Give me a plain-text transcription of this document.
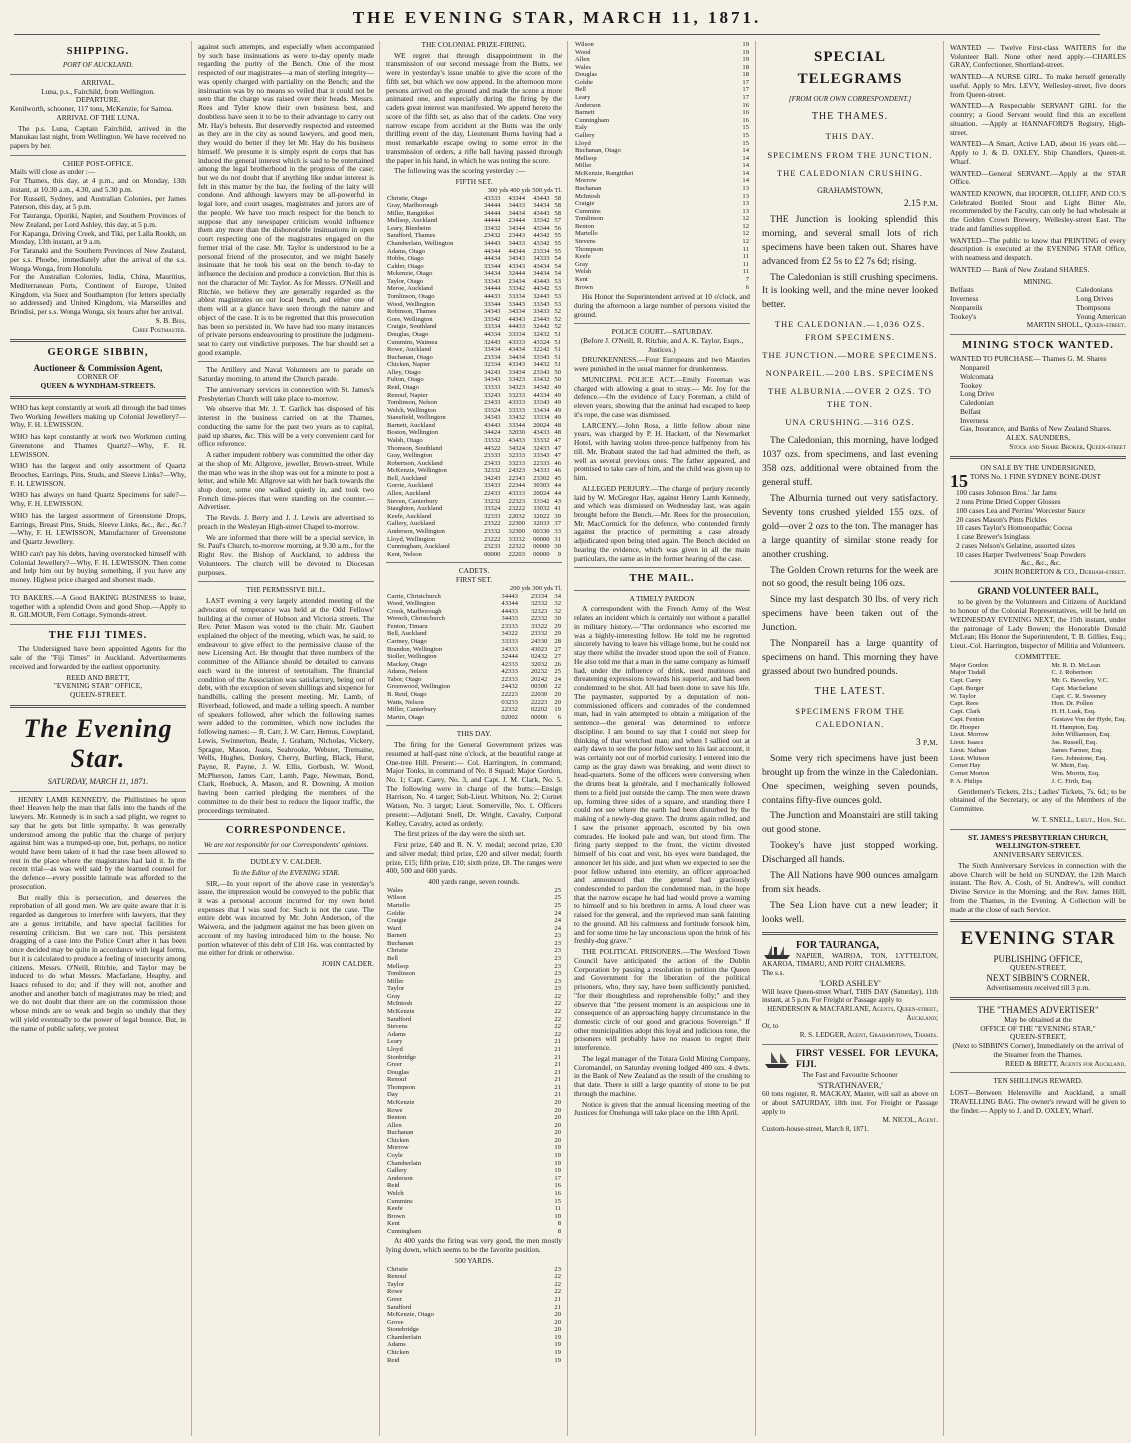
THE EVENING STAR, MARCH 11, 1871.
SHIPPING.
PORT OF AUCKLAND.
ARRIVAL.
Luna, p.s., Fairchild, from Wellington.
DEPARTURE.
Kenilworth, schooner, 117 tons, McKenzie, for Samoa.
ARRIVAL OF THE LUNA.

The p.s. Luna, Captain Fairchild, arrived in the Manukau last night, from Wellington. We have received no papers by her.

CHIEF POST-OFFICE.
Mails will close as under :—
For Thames, this day, at 4 p.m., and on Monday, 13th instant, at 10.30 a.m., 4.30, and 5.30 p.m.
For Russell, Sydney, and Australian Colonies, per James Paterson, this day, at 5 p.m.
For Tauranga, Opotiki, Napier, and Southern Provinces of New Zealand, per Lord Ashley, this day, at 5 p.m.
For Kapanga, Driving Creek, and Tiki, per Lalla Rookh, on Monday, 13th instant, at 9 a.m.
For Taranaki and the Southern Provinces of New Zealand, per s.s. Phoebe, immediately after the arrival of the s.s. Wonga Wonga, from Honolulu.
For the Australian Colonies, India, China, Mauritius, Mediterranean Ports, Continent of Europe, United Kingdom, via Suez and Southampton (for letters specially so addressed) and United Kingdom, via Marseilles and Brindisi, per s.s. Wonga Wonga, six hours after her arrival.
S. B. Biss,
Chief Postmaster.
GEORGE SIBBIN,
Auctioneer & Commission Agent,
CORNER OF
QUEEN & WYNDHAM-STREETS.
WHO has kept constantly at work all through the bad times Two Working Jewellers making up Colonial Jewellery?—Why, F. H. LEWISSON.
WHO has kept constantly at work two Workmen cutting Greenstone and Thames Quartz?—Why, F. H. LEWISSON.
WHO has the largest and only assortment of Quartz Brooches, Earrings, Pins, Studs, and Sleeve Links?—Why, F. H. LEWISSON.
WHO has always on hand Quartz Specimens for sale?—Why, F. H. LEWISSON.
WHO has the largest assortment of Greenstone Drops, Earrings, Breast Pins, Studs, Sleeve Links, &c., &c., &c.?—Why, F. H. LEWISSON, Manufacturer of Greenstone and Quartz Jewellery.
WHO can't pay his debts, having overstocked himself with Colonial Jewellery?—Why, F. H. LEWISSON. Then come and help him out by buying something, if you have any money. Highest price charged and shortest made.
TO BAKERS.—A Good BAKING BUSINESS to lease, together with a splendid Oven and good Shop.—Apply to R. GILMOUR, Fern Cottage, Symonds-street.
THE FIJI TIMES.

The Undersigned have been appointed Agents for the sale of the "Fiji Times" in Auckland. Advertisements received and forwarded by the earliest opportunity.

REED AND BRETT,
"EVENING STAR" OFFICE,
QUEEN-STREET.
The Evening Star.
SATURDAY, MARCH 11, 1871.

HENRY LAMB KENNEDY, the Phillistines be upon thee! Heaven help the man that falls into the hands of the lawyers. Mr. Kennedy is in such a sad plight, we regret to say that he gets but little sympathy. It was generally understood among the public that the charge of perjury against him was a trumped-up one, but, perhaps, no notice would have been taken of it had the case been allowed to rest in the place where the magistrates had laid it. In the recent trial—as was well said by the learned counsel for the defence—every possible latitude was afforded to the prosecution.

But really this is persecution, and deserves the reprobation of all good men. We are quite aware that it is regarded as dangerous to interfere with lawyers, that they are a genus irritabile, and have special facilities for resenting criticism. But we care not. This persistent dragging of a case into the Police Court after it has been once decided may be quite in accordance with legal forms, but it is calculated to produce a feeling of insecurity among citizens. Messrs. O'Neill, Ritchie, and Taylor may be induced to do what Messrs. Macfarlane, Heaphy, and Isaacs refused to do; and if they will not, another and another and another batch of magistrates may be tried; and we do not doubt that there are on the commission those whose minds are so weak and begin so unduly that they will yield eventually to the power of legal bounce. But, in the name of public safety, we protest

against such attempts, and especially when accompanied by such base insinuations as were to-day openly made regarding the purity of the Bench. One of the most respected of our magistrates—a man of sterling integrity—was openly charged with partiality on the Bench; and the insinuation was by no means so veiled that it could not be seen that the charge was raised over their heads. Messrs. Rees and Tyler know their own business best, and doubtless have seen it to be to their advantage to carry out Mr. Hay's behests. But deservedly respected and esteemed as they are in the city as sound lawyers, and good men, they would do better if they let Mr. Hay do his business himself. We presume it is simply esprit de corps that has induced the general interest which is said to be entertained among the legal brotherhood in the progress of the case; but we do not doubt that if anything like undue interest is felt in this matter by the bar, the feeling of the laity will condone. And although lawyers may be all-powerful in legal lore, and court usages, magistrates and jurors are of the people. We have too much respect for the bench to suppose that any newspaper criticism would influence them any more than the dishonorable insinuations in open court respecting one of the magistrates engaged on the former trial of the case. Mr. Taylor is understood to be a personal friend of the prosecutor, and we might basely insinuate that he took his seat on the bench to-day to influence the decision and produce a conviction. But this is not the character of Mr. Taylor. As for Messrs. O'Neill and Ritchie, we believe they are generally regarded as the ablest magistrates on our local bench, and either one of them will at a glance have seen through the nature and object of the case. It is to be regretted that this prosecution has been so persisted in. We have had too many instances of private persons endeavouring to prostitute the judgment-seat to carry out vindictive purposes. The bar should set a good example.

The Artillery and Naval Volunteers are to parade on Saturday morning, to attend the Church parade.

The anniversary services in connection with St. James's Presbyterian Church will take place to-morrow.

We observe that Mr. J. T. Garlick has disposed of his interest in the business carried on at the Thames, conducting the same for the past two years as to capital, paid up shares, &c. This will be a very convenient card for office reference.

A rather impudent robbery was committed the other day at the shop of Mr. Allgrove, jeweller, Brown-street. While the man who was in the shop was out for a minute to post a letter, and while Mr. Allgrove sat with her back towards the shop door, some one walked quietly in, and took two French time-pieces that were standing on the counter.—Advertiser.

The Revds. J. Berry and J. J. Lewis are advertised to preach in the Wesleyan High-street Chapel to-morrow.

We are informed that there will be a special service, in St. Paul's Church, to-morrow morning, at 9.30 a.m., for the Right Rev. the Bishop of Auckland, to address the Volunteers. The church will be devoted to Diocesan purposes.

THE PERMISSIVE BILL.

LAST evening a very largely attended meeting of the advocates of temperance was held at the Odd Fellows' building at the corner of Hobson and Victoria streets. The Rev. Peter Mason was voted to the chair. Mr. Gaubert explained the object of the meeting, which was, he said, to endeavour to give effect to the permissive clause of the new Licensing Act. He thought that three numbers of the committee of the Alliance should be detailed to canvass each ward in the interest of teetotalism. The financial condition of the Association was satisfactory, being out of debt, with the exception of seven shillings and sixpence for handbills, calling the present meeting. Mr. Lamb, of Riverhead, followed, and made a telling speech. A number of speakers followed, after which the following names were added to the committee, which now includes the following names:— R. Carr, J. W. Carr, Hemus, Cowpland, Lewis, Swinnerton, Beale, J. Graham, Nicholas, Vickery, Sprague, Mason, Jeans, Seabrooke, Webster, Tremaine, Wells, Hughes, Donkey, Cherry, Burling, Black, Hurst, Payne, R. Payne, J. W. Ellis, Gorbush, W. Wood, McPherson, James Carr, Lamb, Page, Newman, Bond, Clark, Roebuck, A. Mason, and R. Downing. A motion having been carried pledging the members of the committee to do their best to reduce the liquor traffic, the proceedings terminated.

CORRESPONDENCE.
We are not responsible for our Correspondents' opinions.
DUDLEY V. CALDER.
To the Editor of the EVENING STAR.

SIR,—In your report of the above case in yesterday's issue, the impression would be conveyed to the public that it was a personal account incurred for my own hotel expenses that I was sued for. Such is not the case. The entire debt was incurred by Mr. John Anderson, of the Waiwera, and the judgment against me has been given on account of my having introduced him to the house. No portion whatever of this debt of £18 16s. was contracted by me either for drink or otherwise.

JOHN CALDER.
THE COLONIAL PRIZE-FIRING.

WE regret that through disappointment in the transmission of our second message from the Butts, we were in yesterday's issue unable to give the score of the fifth set, but which we now append. In the afternoon more persons arrived on the ground and made the scene a more animated one, and especially during the firing by the cadets great interest was manifested. We append hereto the score of the fifth set, as also that of the cadets. One very narrow escape from accident at the Butts was the only thrilling event of the day, Lieutenant Burns having had a most remarkable escape owing to some error in the transmission of orders, a rifle ball having passed through the paper in his hand, in which he was noting the score.

The following was the scoring yesterday :—

FIFTH SET.
300 yds 400 yds 500 yds Tl.
Christie, Otago	43333	43344	43443	58
Gray, Marlborough	34444	34433	34434	58
Miller, Rangitikei	34444	34434	43443	58
Mellsop, Auckland	44444	23444	33342	57
Leary, Blenheim	33432	34344	43344	56
Sandford, Thames	23432	23443	44342	55
Chamberlain, Wellington	34443	34433	43342	55
Adams, Otago	44344	44344	23334	55
Hobbs, Otago	44434	34343	34333	54
Calder, Otago	33344	43343	43434	54
Mckenzie, Otago	34434	32444	34434	54
Taylor, Otago	33343	23434	43443	53
Meroe, Auckland	34444	33342	44342	53
Tomlinson, Otago	44433	33334	32443	53
Wood, Wellington	33344	33443	33343	53
Robinson, Thames	34343	34334	33433	52
Gore, Wellington	33342	44343	23443	52
Craigie, Southland	33334	44433	32442	52
Douglas, Otago	44334	33334	32432	51
Cummins, Waimea	32443	43333	43324	51
Rowe, Auckland	33434	43434	32242	51
Buchanan, Otago	23334	34434	33343	51
Chicken, Napier	32334	43343	34432	51
Alley, Otago	34243	33434	23343	50
Fulton, Otago	34343	33423	33432	50
Reid, Otago	33333	34323	34342	49
Renouf, Napier	33243	33233	44334	49
Tomlinson, Nelson	23433	43333	33343	49
Welch, Wellington	33324	33333	33434	49
Stansfield, Wellington	34343	33432	33334	49
Barnett, Auckland	43443	33344	20024	48
Boston, Wellington	34424	32030	43433	48
Walsh, Otago	33332	43433	33332	47
Thomson, Southland	44322	34324	32433	47
Gray, Wellington	23333	32333	33343	47
Robertson, Auckland	23433	33233	22333	46
McKenzie, Wellington	32332	24323	34333	46
Bell, Auckland	34243	22343	23302	45
Gorrie, Auckland	33433	22344	30303	44
Allen, Auckland	22433	43333	20024	44
Steven, Canterbury	33232	22323	33342	43
Staughton, Auckland	33324	23222	33032	41
Keefe, Auckland	32333	22032	32022	39
Gallery, Auckland	23322	22300	32033	37
Anderson, Wellington	23332	32300	00330	33
Lloyd, Wellington	23222	33332	00000	31
Cunningham, Auckland	23233	22322	00000	30
Kent, Nelson	00000	22203	00000	9
CADETS.
FIRST SET.
200 yds 300 yds Tl.
Carrie, Christchurch	34443	23334	34
Wood, Wellington	43344	32332	32
Crook, Marlborough	44433	32323	32
Wrench, Christchurch	34433	22332	30
Fenton, Timaru	23333	33322	29
Bell, Auckland	34322	23332	29
Cartney, Otago	33333	24330	28
Brandon, Wellington	24333	43023	27
Stoller, Wellington	32444	02432	27
Mackay, Otago	42333	32032	26
Adams, Nelson	42333	20232	25
Tabor, Otago	22333	20242	24
Greenwood, Wellington	24432	00300	22
B. Reid, Otago	22223	22030	20
Watts, Nelson	03233	22223	20
Miller, Canterbury	22332	02202	19
Martin, Otago	02002	00000	6
THIS DAY.

The firing for the General Government prizes was resumed at half-past nine o'clock, at the beautiful range at One-tree Hill. Present:— Col. Harrington, in command; Major Tonks, in command of No. 8 Squad; Major Gordon, No. 1; Capt. Carey, No. 3, and Capt. J. M. Clark, No. 5. The following were in charge of the butts:—Ensign Harrison, No. 4 target; Sub-Lieut. Whitson, No. 2; Cornet Watson, No. 3 target; Lieut. Somerville, No. 1. Officers present:—Adjutant Snell, Dr. Wright, Cavalry, Corporal Kelley, Cavalry, acted as orderly.

The first prizes of the day were the sixth set.

First prize, £40 and R. N. V. medal; second prize, £30 and silver medal; third prize, £20 and silver medal; fourth prize, £15; fifth prize, £10; sixth prize, £8. The ranges were 400, 500 and 600 yards.

400 yards range, seven rounds.
Wales	25
Wilson	25
Martello	25
Goldie	24
Craigie	24
Ward	24
Barnett	23
Buchanan	23
Christie	23
Bell	23
Mellsop	23
Tomlinson	23
Miller	23
Taylor	23
Gray	22
McIntosh	22
McKenzie	22
Sandford	22
Stevens	22
Adams	22
Leary	21
Lloyd	21
Stonbridge	21
Greer	21
Douglas	21
Renouf	21
Thompson	21
Day	21
McKenzie	20
Rowe	20
Benton	20
Allen	20
Buchanan	20
Chicken	20
Morrow	19
Coyle	19
Chamberlain	19
Gallery	19
Anderson	17
Reid	16
Welch	16
Cummins	15
Keefe	11
Brown	10
Kent	8
Cunningham	8

At 400 yards the firing was very good, the men mostly lying down, which seems to be the favorite position.

500 YARDS.
Christie	23
Renouf	22
Taylor	22
Rowe	22
Greer	21
Sandford	21
McKenzie, Otago	20
Grove	20
Stonebridge	20
Chamberlain	19
Adams	19
Chicken	19
Reid	19
Wilson	19
Wood	19
Allen	19
Wales	18
Douglas	18
Goldie	17
Bell	17
Leary	17
Anderson	16
Barnett	16
Cunningham	16
Ealy	15
Gallery	15
Lloyd	15
Buchanan, Otago	14
Mellsop	14
Miller	14
McKenzie, Rangitikei	14
Morrow	14
Buchanan	13
McIntosh	13
Craigie	13
Cummins	13
Tomlinson	12
Benton	12
Martello	12
Stevens	12
Thompson	11
Keefe	11
Gray	11
Welsh	11
Kent	7
Brown	6

His Honor the Superintendent arrived at 10 o'clock, and during the afternoon a large number of persons visited the ground.

POLICE COURT.—SATURDAY.
(Before J. O'Neill, R. Ritchie, and A. K. Taylor, Esqrs., Justices.)

DRUNKENNESS.—Four Europeans and two Maories were punished in the usual manner for drunkenness.

MUNICIPAL POLICE ACT.—Emily Foreman was charged with allowing a goat to stray.— Mr. Joy for the defence.—On the evidence of Lucy Foreman, a child of eleven years, showing that the animal had escaped to keep it's rope, the case was dismissed.

LARCENY.—John Ross, a little fellow about nine years, was charged by P. H. Hackett, of the Newmarket Hotel, with having stolen three-pence halfpenny from his till. Mr. Brabant stated the lad had admitted the theft, as well as several previous ones. The father appeared, and promised to take care of him, and the child was given up to him.

ALLEGED PERJURY.—The charge of perjury recently laid by W. McGregor Hay, against Henry Lamb Kennedy, and which was dismissed on Wednesday last, was again brought before the Bench.—Mr. Rees for the prosecution, Mr. MacCormick for the defence, who contended firmly against the practice of permitting a case already adjudicated upon being tried again. The Bench decided on hearing the evidence, which was given in all the main particulars, the same as in the former hearing of the case.

THE MAIL.
A TIMELY PARDON

A correspondent with the French Army of the West relates an incident which is certainly not without a parallel in military history.—"The ordonnance who escorted me was a highly-interesting fellow. He told me he regretted sincerely having to leave his village home, but he could not stay there whilst the invader stood upon the soil of France. He also told me that a man in the same company as himself had, under the influence of drink, used mutinous and threatening expressions towards his superior, and had been condemned to be shot. All had been done to save his life. The paymaster, supported by a deputation of non-commissioned officers and comrades of the condemned man, had in vain attempted to obtain a mitigation of the sentence—the general was determined to enforce discipline. I am bound to say that I could not sleep for thinking of that wretched man; and when I sallied out at early dawn to see the poor fellow sent to his last account, it was certainly not out of morbid curiosity. I entered into the camp as the gray dawn was breaking, and went direct to head-quarters. Some of the officers were conversing when the drums beat la générale, and I mechanically followed them to a field just outside the camp. The men were drawn up, forming three sides of a square, and standing there I could not see where the earth had been disturbed by the making of a newly-dug grave. The drums again rolled, and I saw the prisoner approach, escorted by his own comrades. He looked pale and wan, but stood firm. The firing party stepped to the front, the victim divested himself of his coat and vest, his eyes were bandaged, the annoncer let his side, and just when we expected to see the poor fellow ushered into eternity, an officer approached and announced that the general had graciously condescended to pardon the condemned man, in the hope that the narrow escape he had had would prove a warning to himself and to his brethren in arms. A loud cheer was raised for the general, and the reprieved man sank fainting to the ground. All his calmness and fortitude forsook him, and for some time he lay unconscious upon the brink of his freshly-dug grave."

THE POLITICAL PRISONERS.—The Wexford Town Council have anticipated the action of the Dublin Corporation by passing a resolution to petition the Queen and Government for the liberation of the political prisoners, who, they say, have been sufficiently punished, "for their thoughtless and reprehensible folly;" and they observe that "the present moment is an auspicious one in consequence of an approaching happy circumstance in the domestic circle of our good and gracious Sovereign." If other municipalities adopt this loyal and judicious tone, the prisoners will probably have no reason to regret their interference.

The legal manager of the Totara Gold Mining Company, Coromandel, on Saturday evening lodged 400 ozs. 4 dwts. in the Bank of New Zealand as the result of the crushing to that date. There is still a large quantity of stone to be put through the machine.

Notice is given that the annual licensing meeting of the Justices for Onehunga will take place on the 18th April.

SPECIAL TELEGRAMS
[FROM OUR OWN CORRESPONDENT.]
THE THAMES.
THIS DAY.
SPECIMENS FROM THE JUNCTION.
THE CALEDONIAN CRUSHING.
GRAHAMSTOWN,
2.15 p.m.

THE Junction is looking splendid this morning, and several small lots of rich specimens have been taken out. Shares have advanced from £2 5s to £2 7s 6d; rising.

The Caledonian is still crushing specimens. It is looking well, and the mine never looked better.

THE CALEDONIAN.—1,036 OZS. FROM SPECIMENS.
THE JUNCTION.—MORE SPECIMENS.
NONPAREIL.—200 LBS. SPECIMENS
THE ALBURNIA.—OVER 2 OZS. TO THE TON.
UNA CRUSHING.—316 OZS.

The Caledonian, this morning, have lodged 1037 ozs. from specimens, and last evening 358 ozs. additional were obtained from the general stuff.

The Alburnia turned out very satisfactory. Seventy tons crushed yielded 155 ozs. of gold—over 2 ozs to the ton. The manager has a large quantity of similar stone ready for another crushing.

The Golden Crown returns for the week are not so good, the result being 106 ozs.

Since my last despatch 30 lbs. of very rich specimens have been taken out of the Junction.

The Nonpareil has a large quantity of specimens on hand. This morning they have grassed about two hundred pounds.

THE LATEST.
SPECIMENS FROM THE CALEDONIAN.
3 p.m.

Some very rich specimens have just been brought up from the winze in the Caledonian. One specimen, weighing seven pounds, contains fifty-five ounces gold.

The Junction and Moanstairi are still taking out good stone.

Tookey's have just stopped working. Discharged all hands.

The All Nations have 900 ounces amalgam from six heads.

The Sea Lion have cut a new leader; it looks well.

FOR TAURANGA,
NAPIER, WAIROA, TON, LYTTELTON, AKAROA, TIMARU, AND PORT CHALMERS.
The s.s.
'LORD ASHLEY'
Will leave Queen-street Wharf, THIS DAY (Saturday), 11th instant, at 5 p.m. For Freight or Passage apply to
HENDERSON & MACFARLANE, Agents, Queen-street, Auckland;
Or, to
R. S. LEDGER, Agent, Grahamstown, Thames.
FIRST VESSEL FOR LEVUKA, FIJI.
The Fast and Favourite Schooner
'STRATHNAVER,'
60 tons register, R. MACKAY, Master, will sail as above on or about SATURDAY, 18th inst. For Freight or Passage apply to
M. NICOL, Agent.
Custom-house-street, March 8, 1871.
WANTED — Twelve First-class WAITERS for the Volunteer Ball. None other need apply.—CHARLES GRAY, Confectioner, Shortland-street.
WANTED—A NURSE GIRL. To make herself generally useful. Apply to Mrs. LEVY, Wellesley-street, five doors from Queen-street.
WANTED—A Respectable SERVANT GIRL for the country; a Good Servant would find this an excellent situation. —Apply at HANNAFORD'S Registry, High-street.
WANTED—A Smart, Active LAD, about 16 years old.—Apply to J. & D. OXLEY, Ship Chandlers, Queen-st. Wharf.
WANTED—General SERVANT.—Apply at the STAR Office.
WANTED KNOWN, that HOOPER, OLLIFF, AND CO.'S Celebrated Bottled Stout and Light Bitter Ale, recommended by the Faculty, can only be had wholesale at the Golden Crown Brewery, Wellesley-street East. The trade and families supplied.
WANTED—The public to know that PRINTING of every description is executed at the EVENING STAR Office, with neatness and despatch.
WANTED — Bank of New Zealand SHARES.
MINING.
Belfasts
Inverness
Nonpareils
Tookey's
Caledonians
Long Drives
Thompsons
Young American
MARTIN SHOLL, Queen-street.
MINING STOCK WANTED.
WANTED TO PURCHASE— Thames G. M. Shares
Nonpareil
Wolcomata
Tookey
Long Drive
Caledonian
Belfast
Inverness
Gas, Insurance, and Banks of New Zealand Shares.
ALEX. SAUNDERS,
Stock and Share Broker, Queen-street
ON SALE BY THE UNDERSIGNED,
15 TONS No. 1 FINE SYDNEY BONE-DUST
100 cases Johnson Bros.' Jar Jams
2 tons Prime Dried Copper Glosses
100 cases Lea and Perrins' Worcester Sauce
20 cases Mason's Pints Pickles
10 cases Taylor's Homoeopathic Cocoa
1 case Brewer's Isinglass
2 cases Nelson's Gelatine, assorted sizes
10 cases Harper Twelvetrees' Soap Powders
&c., &c., &c.
JOHN ROBERTON & CO., Durham-street.
GRAND VOLUNTEER BALL,

to be given by the Volunteers and Citizens of Auckland to honour of the Colonial Representatives, will be held on WEDNESDAY EVENING NEXT, the 15th instant, under the patronage of Lady Bowen; the Honorable Donald McLean; His Honor the Superintendent, T. B. Gillies, Esq.; Lieut.-Col. Harrington, Inspector of Militia and Volunteers.

COMMITTEE.
Major Gordon
Major Tisdall
Capt. Carey
Capt. Burger
W. Taylor
Capt. Rees
Capt. Clark
Capt. Fenton
Dr. Hooper
Lieut. Morrow
Lieut. Isaacs
Lieut. Nathan
Lieut. Whitson
Cornet Hay
Cornet Morton
P. A. Philips
Mr. R. D. McLean
C. J. Robertson
Mr. G. Beverley, V.C.
Capt. Macfarlane
Capt. C. R. Sweeney
Hon. Dr. Pollen
H. H. Lusk, Esq.
Gustave Von der Hyde, Esq.
H. Hampton, Esq.
John Williamson, Esq.
Jas. Russell, Esq.
James Farmer, Esq.
Geo. Johnstone, Esq.
W. Mein, Esq.
Wm. Morrin, Esq.
J. C. Firth, Esq.

Gentlemen's Tickets, 21s.; Ladies' Tickets, 7s. 6d.; to be obtained of the Secretary, or any of the Members of the Committee.

W. T. SNELL, Lieut., Hon. Sec.
ST. JAMES'S PRESBYTERIAN CHURCH, WELLINGTON-STREET.
ANNIVERSARY SERVICES.

The Sixth Anniversary Services in connection with the above Church will be held on SUNDAY, the 12th March instant. The Rev. A. Cosh, of St. Andrew's, will conduct Divine Service in the Morning; and the Rev. James Hill, from the Thames, in the Evening. A Collection will be made at the close of each Service.

EVENING STAR
PUBLISHING OFFICE,
QUEEN-STREET,
NEXT SIBBIN'S CORNER.
Advertisements received till 3 p.m.
THE "THAMES ADVERTISER"
May be obtained at the
OFFICE OF THE "EVENING STAR,"
QUEEN-STREET,
(Next to SIBBIN'S Corner), Immediately on the arrival of the Steamer from the Thames.
REED & BRETT, Agents for Auckland.
TEN SHILLINGS REWARD.
LOST—Between Helensville and Auckland, a small TRAVELLING BAG. The owner's reward will be given to the finder.— Apply to J. and D. OXLEY, Wharf.
